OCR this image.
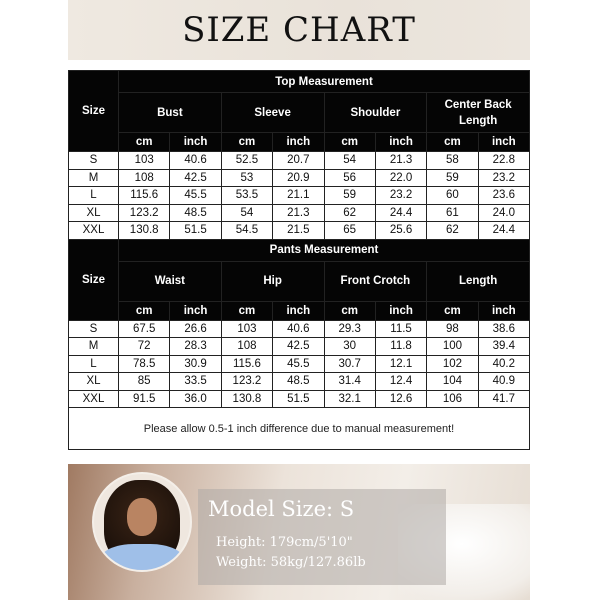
SIZE CHART
Size	Top Measurement							
	Bust		Sleeve		Shoulder		Center Back Length	
	cm	inch	cm	inch	cm	inch	cm	inch
S	103	40.6	52.5	20.7	54	21.3	58	22.8
M	108	42.5	53	20.9	56	22.0	59	23.2
L	115.6	45.5	53.5	21.1	59	23.2	60	23.6
XL	123.2	48.5	54	21.3	62	24.4	61	24.0
XXL	130.8	51.5	54.5	21.5	65	25.6	62	24.4
Size	Pants Measurement							
	Waist		Hip		Front Crotch		Length	
	cm	inch	cm	inch	cm	inch	cm	inch
S	67.5	26.6	103	40.6	29.3	11.5	98	38.6
M	72	28.3	108	42.5	30	11.8	100	39.4
L	78.5	30.9	115.6	45.5	30.7	12.1	102	40.2
XL	85	33.5	123.2	48.5	31.4	12.4	104	40.9
XXL	91.5	36.0	130.8	51.5	32.1	12.6	106	41.7
Please allow 0.5-1 inch difference due to manual measurement!								
Model Size: S
Height: 179cm/5'10"
Weight: 58kg/127.86lb
